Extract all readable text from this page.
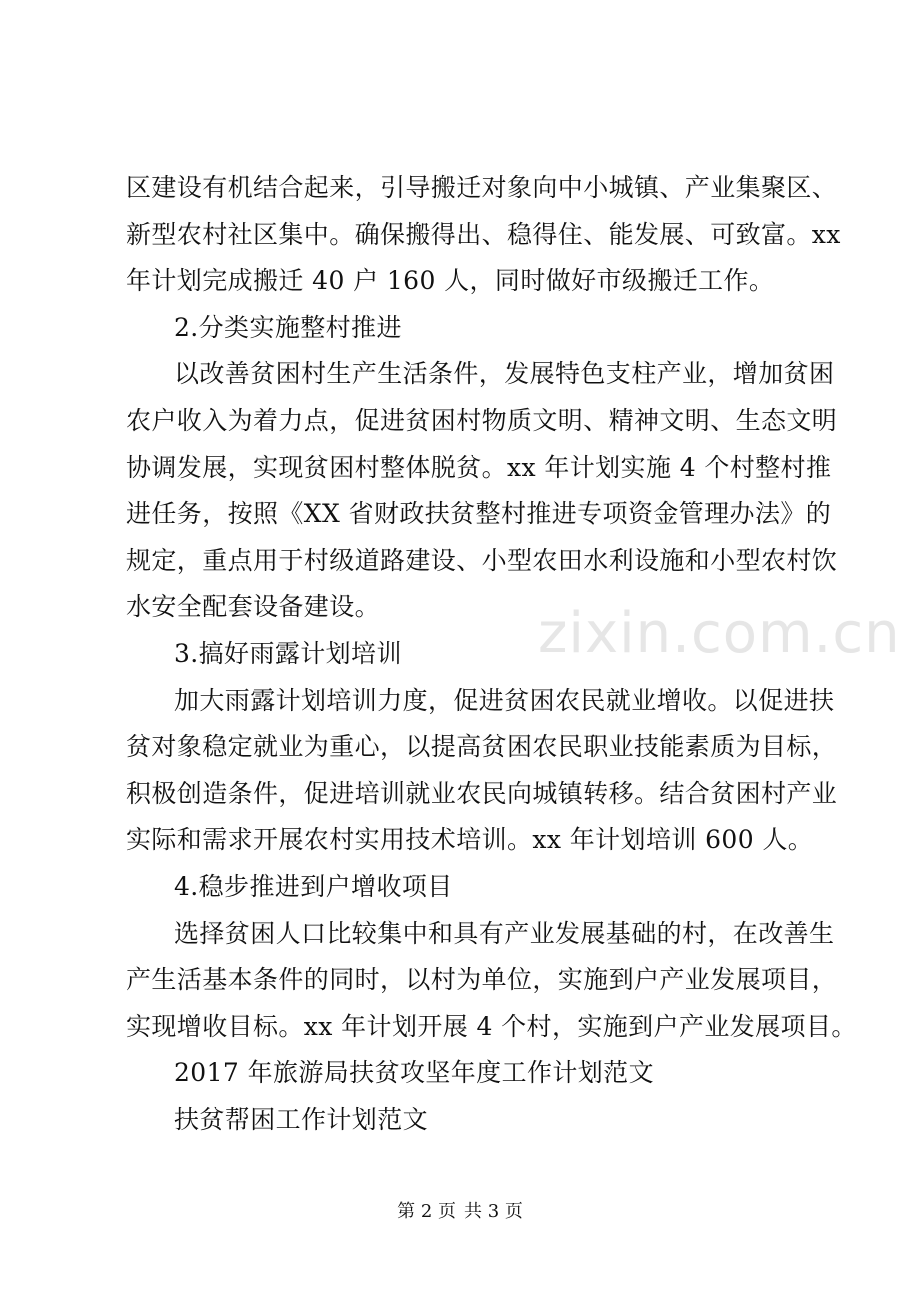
zixin.com.cn
区建设有机结合起来，引导搬迁对象向中小城镇、产业集聚区、
新型农村社区集中。确保搬得出、稳得住、能发展、可致富。xx
年计划完成搬迁 40 户 160 人，同时做好市级搬迁工作。
2.分类实施整村推进
以改善贫困村生产生活条件，发展特色支柱产业，增加贫困
农户收入为着力点，促进贫困村物质文明、精神文明、生态文明
协调发展，实现贫困村整体脱贫。xx 年计划实施 4 个村整村推
进任务，按照《XX 省财政扶贫整村推进专项资金管理办法》的
规定，重点用于村级道路建设、小型农田水利设施和小型农村饮
水安全配套设备建设。
3.搞好雨露计划培训
加大雨露计划培训力度，促进贫困农民就业增收。以促进扶
贫对象稳定就业为重心，以提高贫困农民职业技能素质为目标，
积极创造条件，促进培训就业农民向城镇转移。结合贫困村产业
实际和需求开展农村实用技术培训。xx 年计划培训 600 人。
4.稳步推进到户增收项目
选择贫困人口比较集中和具有产业发展基础的村，在改善生
产生活基本条件的同时，以村为单位，实施到户产业发展项目，
实现增收目标。xx 年计划开展 4 个村，实施到户产业发展项目。
2017 年旅游局扶贫攻坚年度工作计划范文
扶贫帮困工作计划范文
第 2 页 共 3 页
